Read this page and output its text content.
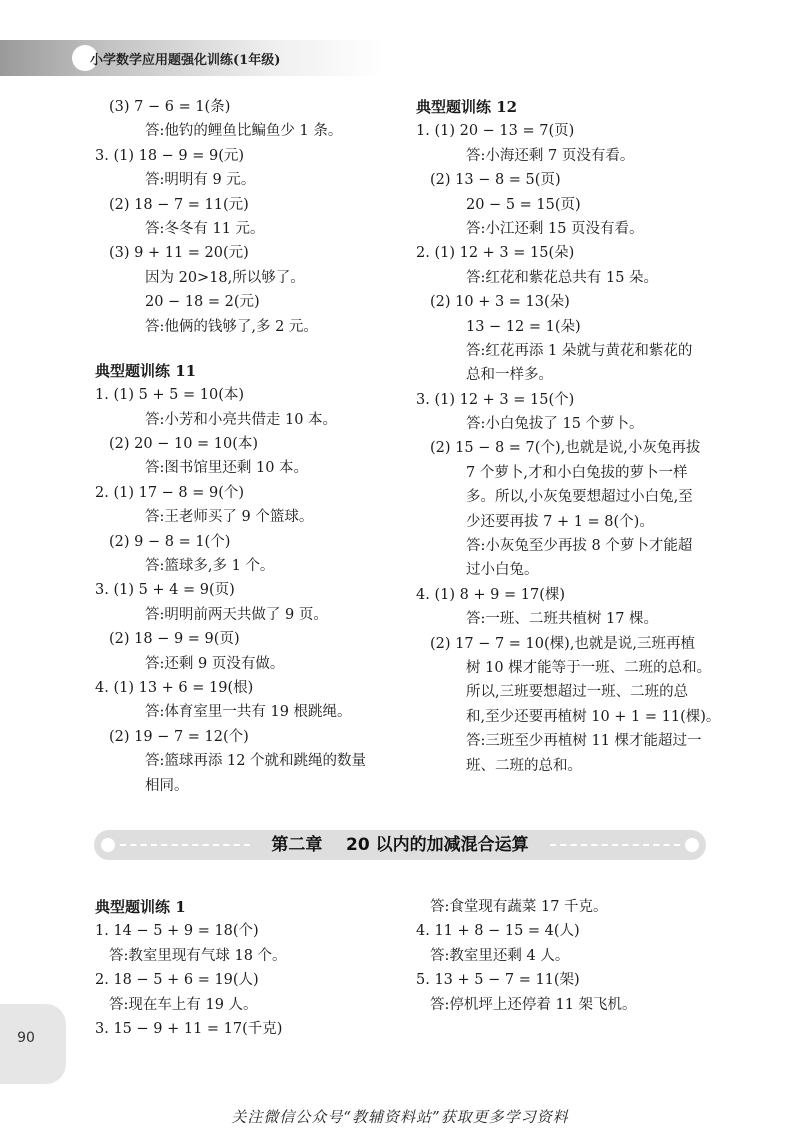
小学数学应用题强化训练(1年级)
(3) 7 − 6 = 1(条)
答:他钓的鲤鱼比鳊鱼少 1 条。
3. (1) 18 − 9 = 9(元)
答:明明有 9 元。
(2) 18 − 7 = 11(元)
答:冬冬有 11 元。
(3) 9 + 11 = 20(元)
因为 20>18,所以够了。
20 − 18 = 2(元)
答:他俩的钱够了,多 2 元。
典型题训练 11
1. (1) 5 + 5 = 10(本)
答:小芳和小亮共借走 10 本。
(2) 20 − 10 = 10(本)
答:图书馆里还剩 10 本。
2. (1) 17 − 8 = 9(个)
答:王老师买了 9 个篮球。
(2) 9 − 8 = 1(个)
答:篮球多,多 1 个。
3. (1) 5 + 4 = 9(页)
答:明明前两天共做了 9 页。
(2) 18 − 9 = 9(页)
答:还剩 9 页没有做。
4. (1) 13 + 6 = 19(根)
答:体育室里一共有 19 根跳绳。
(2) 19 − 7 = 12(个)
答:篮球再添 12 个就和跳绳的数量
相同。
典型题训练 12
1. (1) 20 − 13 = 7(页)
答:小海还剩 7 页没有看。
(2) 13 − 8 = 5(页)
20 − 5 = 15(页)
答:小江还剩 15 页没有看。
2. (1) 12 + 3 = 15(朵)
答:红花和紫花总共有 15 朵。
(2) 10 + 3 = 13(朵)
13 − 12 = 1(朵)
答:红花再添 1 朵就与黄花和紫花的
总和一样多。
3. (1) 12 + 3 = 15(个)
答:小白兔拔了 15 个萝卜。
(2) 15 − 8 = 7(个),也就是说,小灰兔再拔
7 个萝卜,才和小白兔拔的萝卜一样
多。所以,小灰兔要想超过小白兔,至
少还要再拔 7 + 1 = 8(个)。
答:小灰兔至少再拔 8 个萝卜才能超
过小白兔。
4. (1) 8 + 9 = 17(棵)
答:一班、二班共植树 17 棵。
(2) 17 − 7 = 10(棵),也就是说,三班再植
树 10 棵才能等于一班、二班的总和。
所以,三班要想超过一班、二班的总
和,至少还要再植树 10 + 1 = 11(棵)。
答:三班至少再植树 11 棵才能超过一
班、二班的总和。
第二章 20 以内的加减混合运算
典型题训练 1
1. 14 − 5 + 9 = 18(个)
答:教室里现有气球 18 个。
2. 18 − 5 + 6 = 19(人)
答:现在车上有 19 人。
3. 15 − 9 + 11 = 17(千克)
答:食堂现有蔬菜 17 千克。
4. 11 + 8 − 15 = 4(人)
答:教室里还剩 4 人。
5. 13 + 5 − 7 = 11(架)
答:停机坪上还停着 11 架飞机。
90
关注微信公众号“教辅资料站”获取更多学习资料
